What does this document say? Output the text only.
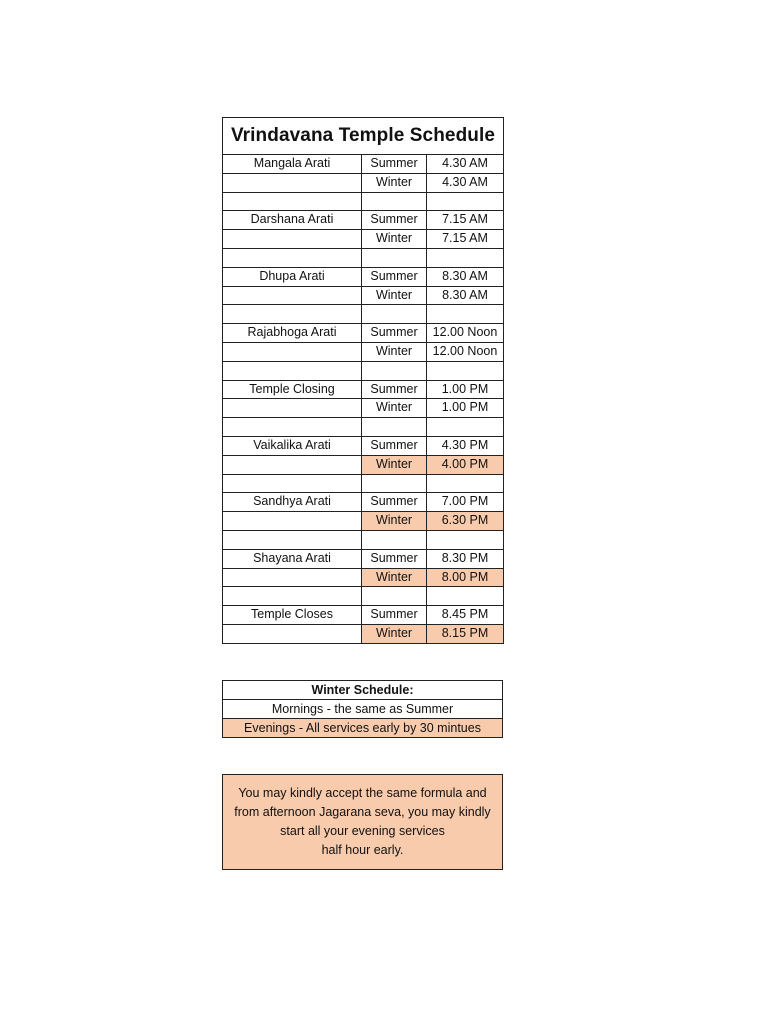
Vrindavana Temple Schedule		
Mangala Arati	Summer	4.30 AM
	Winter	4.30 AM

Darshana Arati	Summer	7.15 AM
	Winter	7.15 AM

Dhupa Arati	Summer	8.30 AM
	Winter	8.30 AM

Rajabhoga Arati	Summer	12.00 Noon
	Winter	12.00 Noon

Temple Closing	Summer	1.00 PM
	Winter	1.00 PM

Vaikalika Arati	Summer	4.30 PM
	Winter	4.00 PM

Sandhya Arati	Summer	7.00 PM
	Winter	6.30 PM

Shayana Arati	Summer	8.30 PM
	Winter	8.00 PM

Temple Closes	Summer	8.45 PM
	Winter	8.15 PM
Winter Schedule:
Mornings - the same as Summer
Evenings - All services early by 30 mintues
You may kindly accept the same formula and
from afternoon Jagarana seva, you may kindly
start all your evening services
half hour early.
